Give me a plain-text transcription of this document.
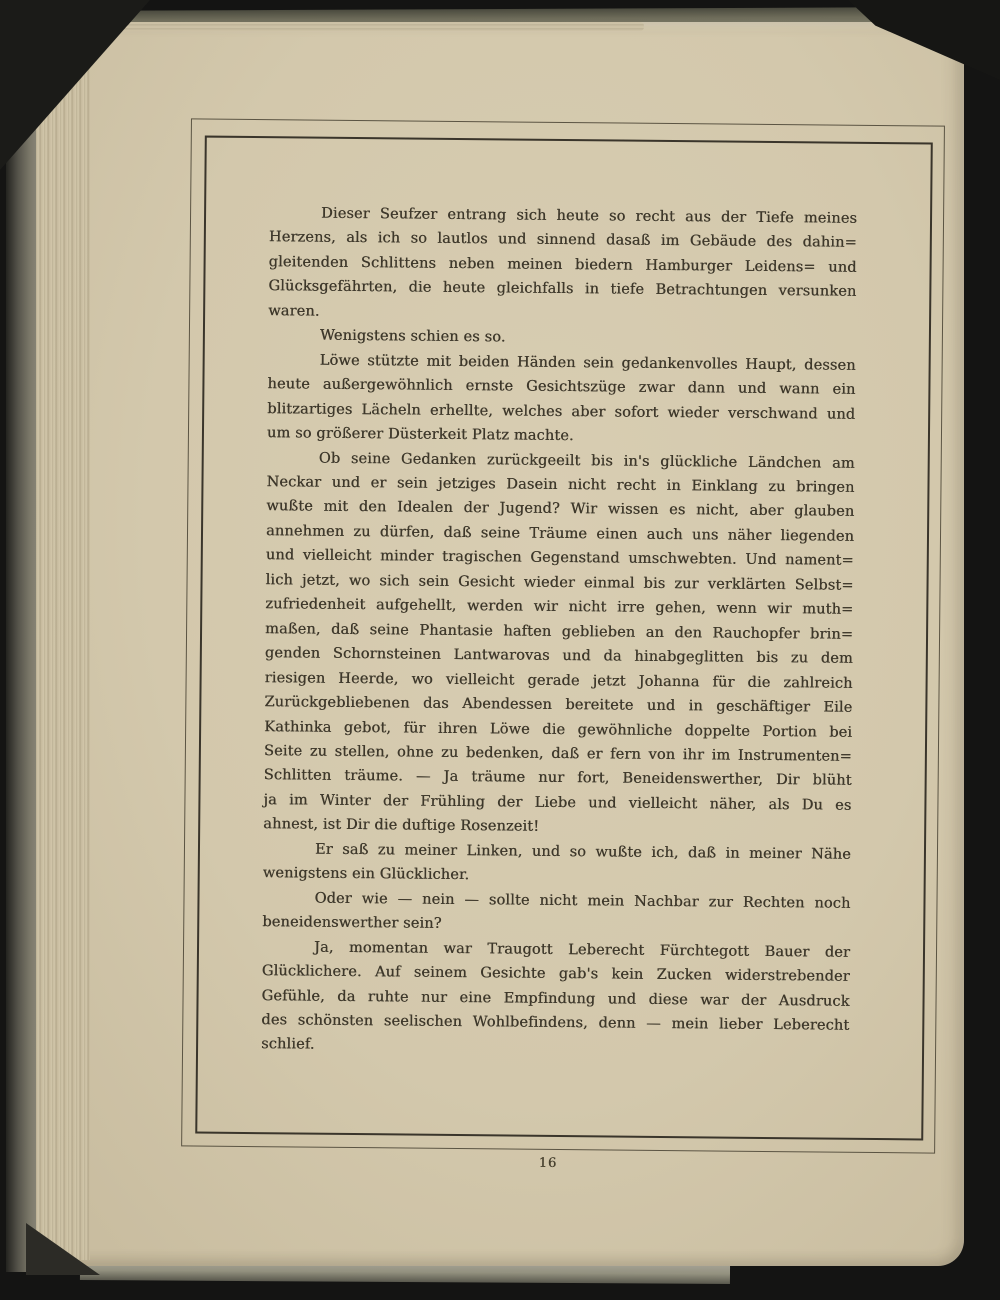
Dieser Seufzer entrang sich heute so recht aus der Tiefe meines
Herzens, als ich so lautlos und sinnend dasaß im Gebäude des dahin=
gleitenden Schlittens neben meinen biedern Hamburger Leidens= und
Glücksgefährten, die heute gleichfalls in tiefe Betrachtungen versunken
waren.
Wenigstens schien es so.
Löwe stützte mit beiden Händen sein gedankenvolles Haupt, dessen
heute außergewöhnlich ernste Gesichtszüge zwar dann und wann ein
blitzartiges Lächeln erhellte, welches aber sofort wieder verschwand und
um so größerer Düsterkeit Platz machte.
Ob seine Gedanken zurückgeeilt bis in's glückliche Ländchen am
Neckar und er sein jetziges Dasein nicht recht in Einklang zu bringen
wußte mit den Idealen der Jugend? Wir wissen es nicht, aber glauben
annehmen zu dürfen, daß seine Träume einen auch uns näher liegenden
und vielleicht minder tragischen Gegenstand umschwebten. Und nament=
lich jetzt, wo sich sein Gesicht wieder einmal bis zur verklärten Selbst=
zufriedenheit aufgehellt, werden wir nicht irre gehen, wenn wir muth=
maßen, daß seine Phantasie haften geblieben an den Rauchopfer brin=
genden Schornsteinen Lantwarovas und da hinabgeglitten bis zu dem
riesigen Heerde, wo vielleicht gerade jetzt Johanna für die zahlreich
Zurückgebliebenen das Abendessen bereitete und in geschäftiger Eile
Kathinka gebot, für ihren Löwe die gewöhnliche doppelte Portion bei
Seite zu stellen, ohne zu bedenken, daß er fern von ihr im Instrumenten=
Schlitten träume. — Ja träume nur fort, Beneidenswerther, Dir blüht
ja im Winter der Frühling der Liebe und vielleicht näher, als Du es
ahnest, ist Dir die duftige Rosenzeit!
Er saß zu meiner Linken, und so wußte ich, daß in meiner Nähe
wenigstens ein Glücklicher.
Oder wie — nein — sollte nicht mein Nachbar zur Rechten noch
beneidenswerther sein?
Ja, momentan war Traugott Leberecht Fürchtegott Bauer der
Glücklichere. Auf seinem Gesichte gab's kein Zucken widerstrebender
Gefühle, da ruhte nur eine Empfindung und diese war der Ausdruck
des schönsten seelischen Wohlbefindens, denn — mein lieber Leberecht
schlief.
16
